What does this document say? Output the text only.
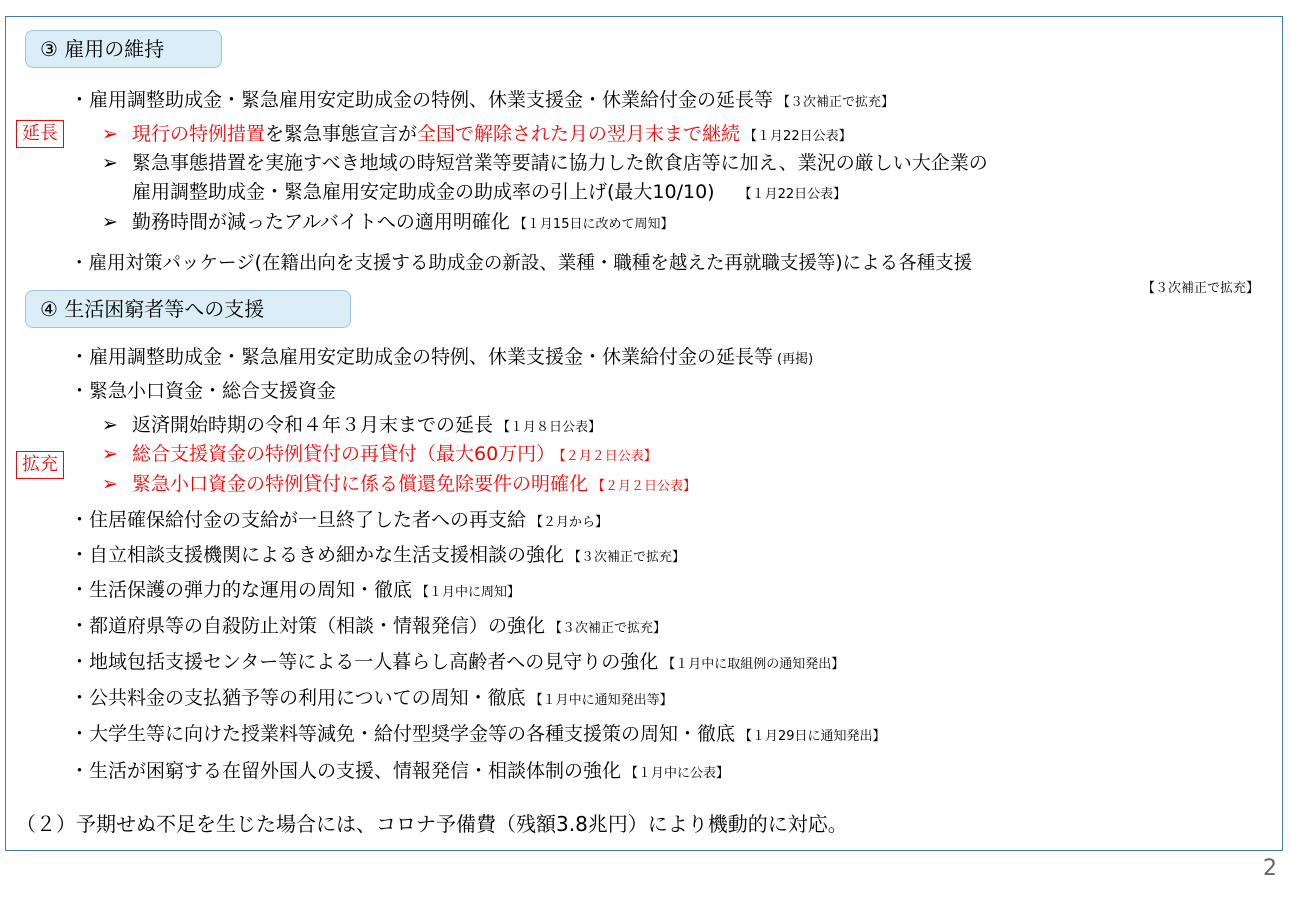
③ 雇用の維持
・雇用調整助成金・緊急雇用安定助成金の特例、休業支援金・休業給付金の延長等 【３次補正で拡充】
延長	➢ 現行の特例措置を緊急事態宣言が全国で解除された月の翌月末まで継続 【１月22日公表】
➢ 緊急事態措置を実施すべき地域の時短営業等要請に協力した飲食店等に加え、業況の厳しい大企業の
雇用調整助成金・緊急雇用安定助成金の助成率の引上げ(最大10/10) 【１月22日公表】
➢ 勤務時間が減ったアルバイトへの適用明確化 【１月15日に改めて周知】
・雇用対策パッケージ(在籍出向を支援する助成金の新設、業種・職種を越えた再就職支援等)による各種支援
【３次補正で拡充】
④ 生活困窮者等への支援
・雇用調整助成金・緊急雇用安定助成金の特例、休業支援金・休業給付金の延長等 (再掲)
・緊急小口資金・総合支援資金
➢ 返済開始時期の令和４年３月末までの延長 【１月８日公表】
拡充	➢ 総合支援資金の特例貸付の再貸付（最大60万円） 【２月２日公表】
➢ 緊急小口資金の特例貸付に係る償還免除要件の明確化 【２月２日公表】
・住居確保給付金の支給が一旦終了した者への再支給 【２月から】
・自立相談支援機関によるきめ細かな生活支援相談の強化 【３次補正で拡充】
・生活保護の弾力的な運用の周知・徹底 【１月中に周知】
・都道府県等の自殺防止対策（相談・情報発信）の強化 【３次補正で拡充】
・地域包括支援センター等による一人暮らし高齢者への見守りの強化 【１月中に取組例の通知発出】
・公共料金の支払猶予等の利用についての周知・徹底 【１月中に通知発出等】
・大学生等に向けた授業料等減免・給付型奨学金等の各種支援策の周知・徹底 【１月29日に通知発出】
・生活が困窮する在留外国人の支援、情報発信・相談体制の強化 【１月中に公表】
（２）予期せぬ不足を生じた場合には、コロナ予備費（残額3.8兆円）により機動的に対応。
2
